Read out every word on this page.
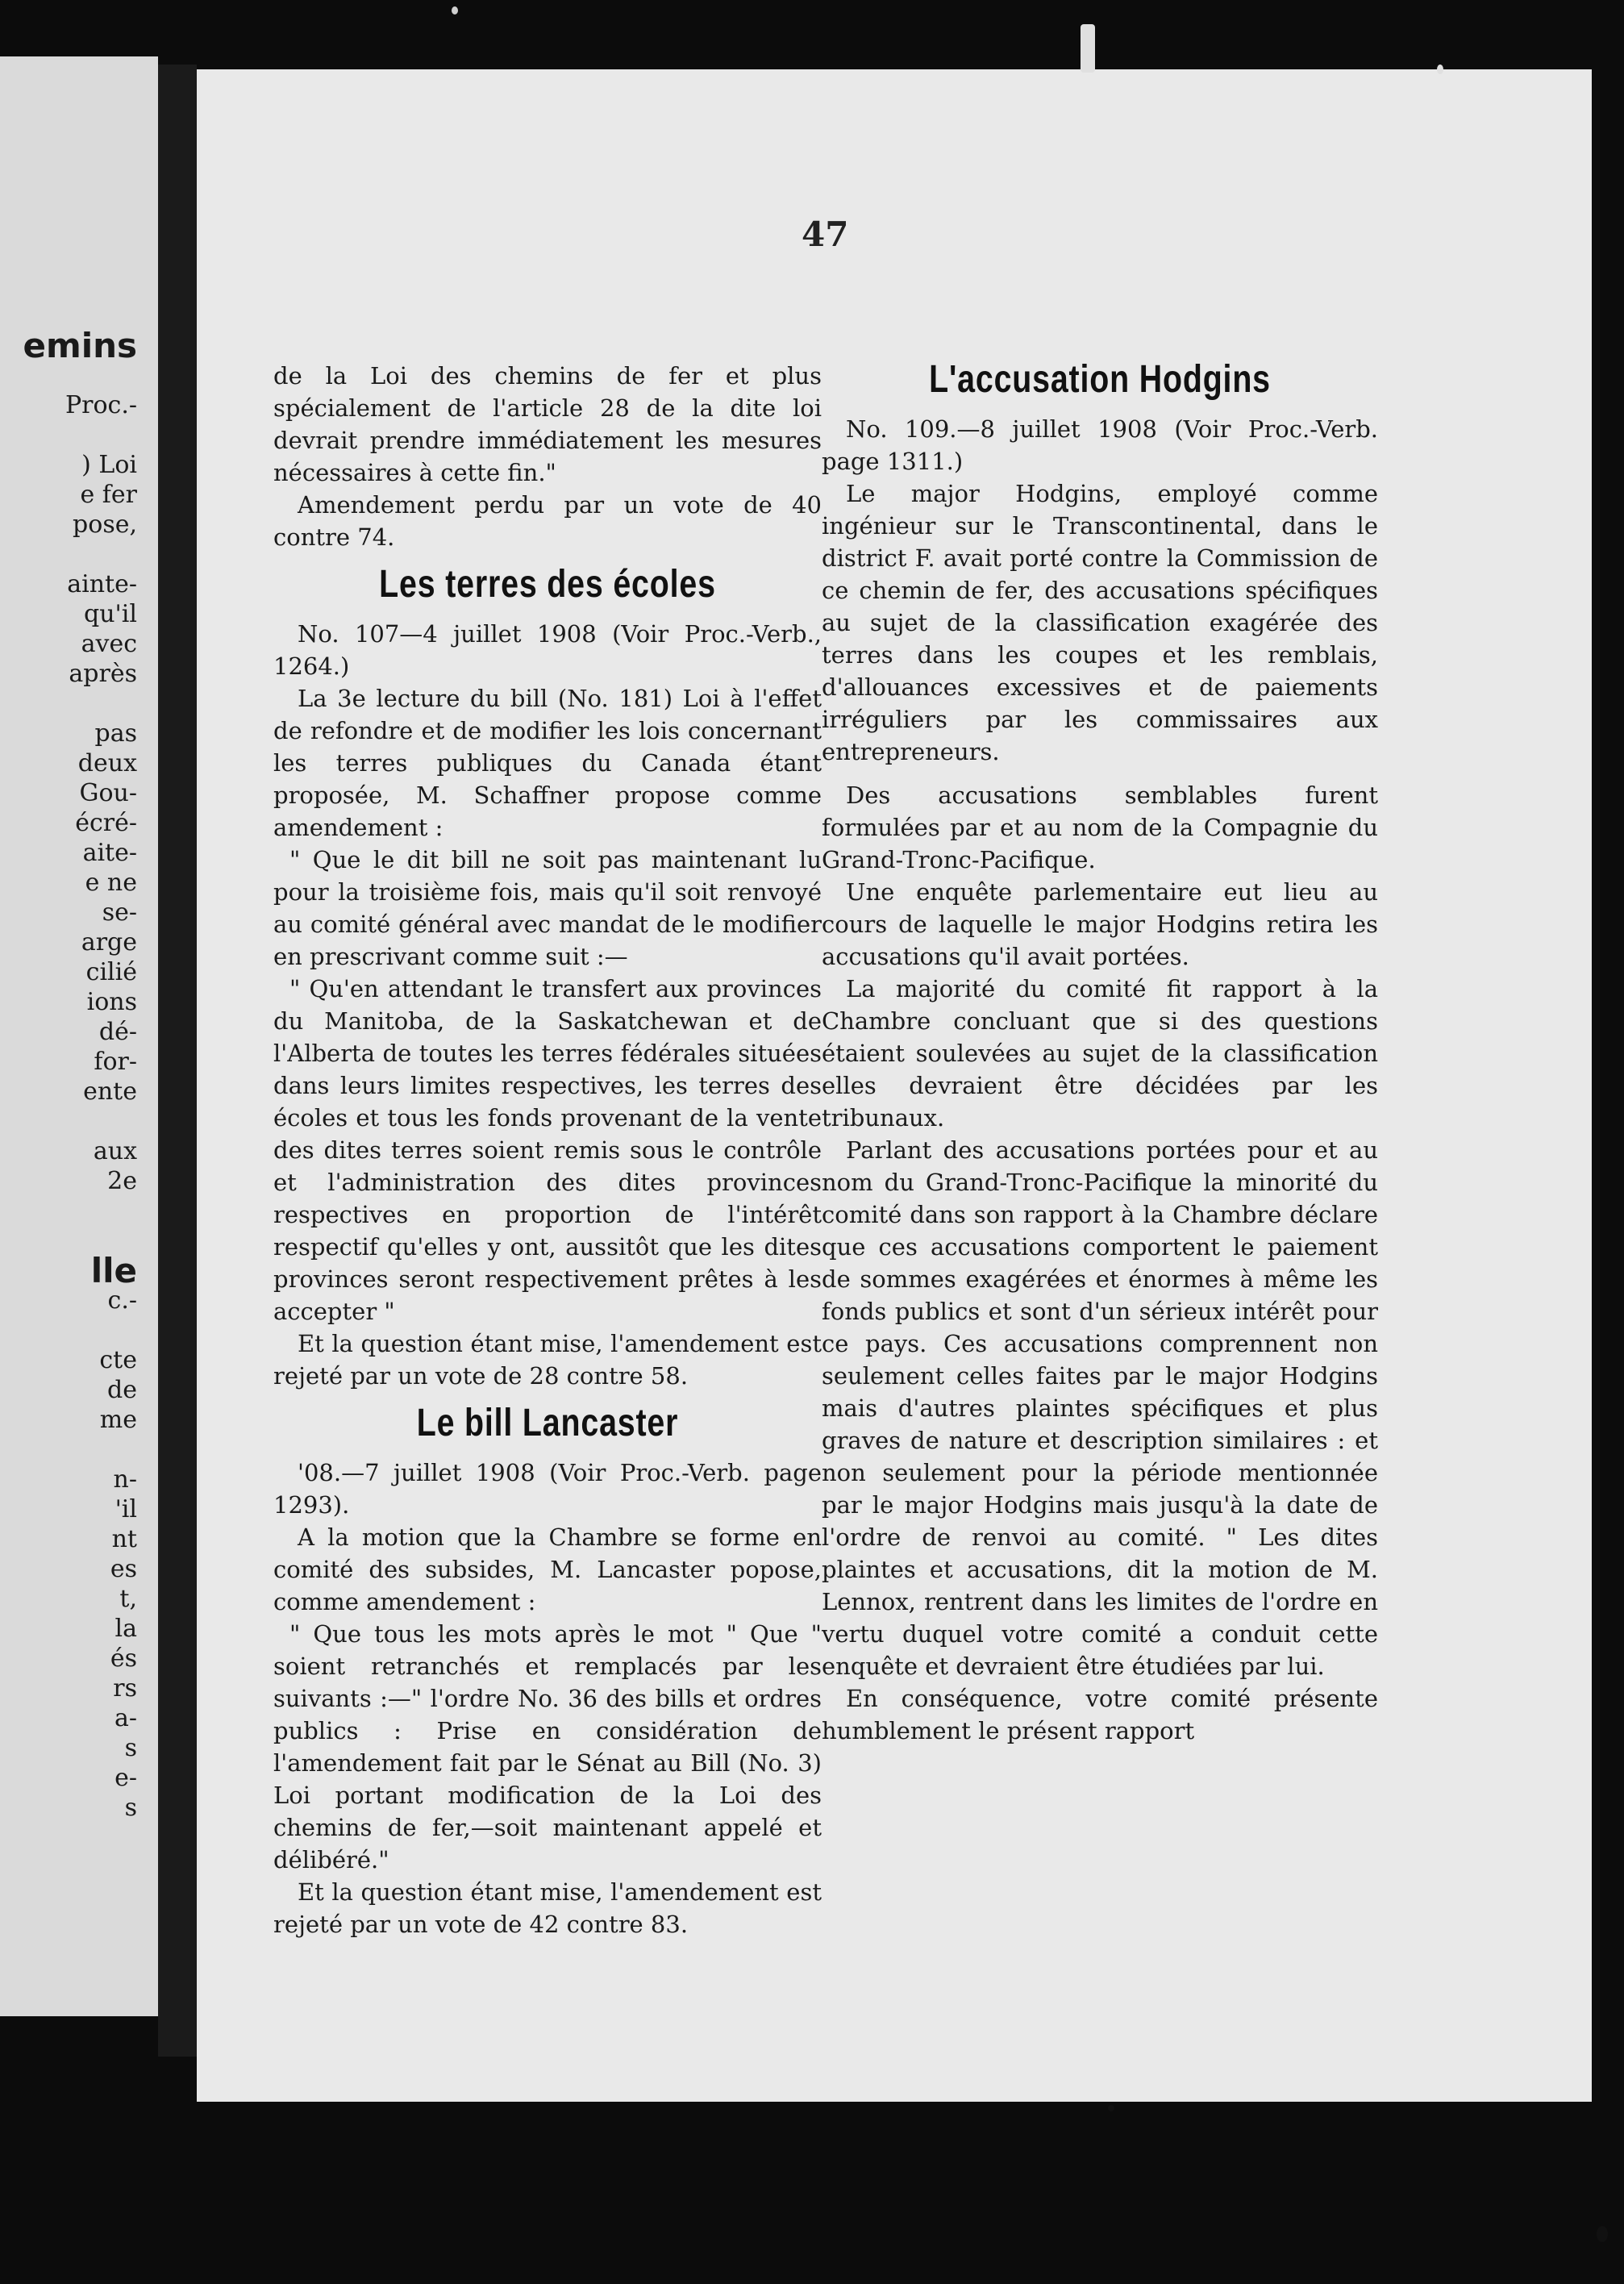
emins
Proc.-
) Loi
e fer
pose,
ainte-
qu'il
avec
après
pas
deux
Gou-
écré-
aite-
e ne
se-
arge
cilié
ions
dé-
for-
ente
aux
2e
lle
c.-
cte
de
me
n-
'il
nt
es
t,
la
és
rs
a-
s
e-
s
47

de la Loi des chemins de fer et plus spécialement de l'article 28 de la dite loi devrait prendre immédiatement les mesures nécessaires à cette fin."

Amendement perdu par un vote de 40 contre 74.

Les terres des écoles

No. 107—4 juillet 1908 (Voir Proc.-Verb., 1264.)

La 3e lecture du bill (No. 181) Loi à l'effet de refondre et de modifier les lois concernant les terres publiques du Canada étant proposée, M. Schaffner propose comme amendement :

" Que le dit bill ne soit pas maintenant lu pour la troisième fois, mais qu'il soit renvoyé au comité général avec mandat de le modifier en prescrivant comme suit :—

" Qu'en attendant le transfert aux provinces du Manitoba, de la Saskatchewan et de l'Alberta de toutes les terres fédérales situées dans leurs limites respectives, les terres des écoles et tous les fonds provenant de la vente des dites terres soient remis sous le contrôle et l'administration des dites provinces respectives en proportion de l'intérêt respectif qu'elles y ont, aussitôt que les dites provinces seront respectivement prêtes à les accepter "

Et la question étant mise, l'amendement est rejeté par un vote de 28 contre 58.

Le bill Lancaster

'08.—7 juillet 1908 (Voir Proc.-Verb. page 1293).

A la motion que la Chambre se forme en comité des subsides, M. Lancaster popose, comme amendement :

" Que tous les mots après le mot " Que " soient retranchés et remplacés par les suivants :—" l'ordre No. 36 des bills et ordres publics : Prise en considération de l'amendement fait par le Sénat au Bill (No. 3) Loi portant modification de la Loi des chemins de fer,—soit maintenant appelé et délibéré."

Et la question étant mise, l'amendement est rejeté par un vote de 42 contre 83.

L'accusation Hodgins

No. 109.—8 juillet 1908 (Voir Proc.-Verb. page 1311.)

Le major Hodgins, employé comme ingénieur sur le Transcontinental, dans le district F. avait porté contre la Commission de ce chemin de fer, des accusations spécifiques au sujet de la classification exagérée des terres dans les coupes et les remblais, d'allouances excessives et de paiements irréguliers par les commissaires aux entrepreneurs.

Des accusations semblables furent formulées par et au nom de la Compagnie du Grand-Tronc-Pacifique.

Une enquête parlementaire eut lieu au cours de laquelle le major Hodgins retira les accusations qu'il avait portées.

La majorité du comité fit rapport à la Chambre concluant que si des questions étaient soulevées au sujet de la classification elles devraient être décidées par les tribunaux.

Parlant des accusations portées pour et au nom du Grand-Tronc-Pacifique la minorité du comité dans son rapport à la Chambre déclare que ces accusations comportent le paiement de sommes exagérées et énormes à même les fonds publics et sont d'un sérieux intérêt pour ce pays. Ces accusations comprennent non seulement celles faites par le major Hodgins mais d'autres plaintes spécifiques et plus graves de nature et description similaires : et non seulement pour la période mentionnée par le major Hodgins mais jusqu'à la date de l'ordre de renvoi au comité. " Les dites plaintes et accusations, dit la motion de M. Lennox, rentrent dans les limites de l'ordre en vertu duquel votre comité a conduit cette enquête et devraient être étudiées par lui.

En conséquence, votre comité présente humblement le présent rapport
